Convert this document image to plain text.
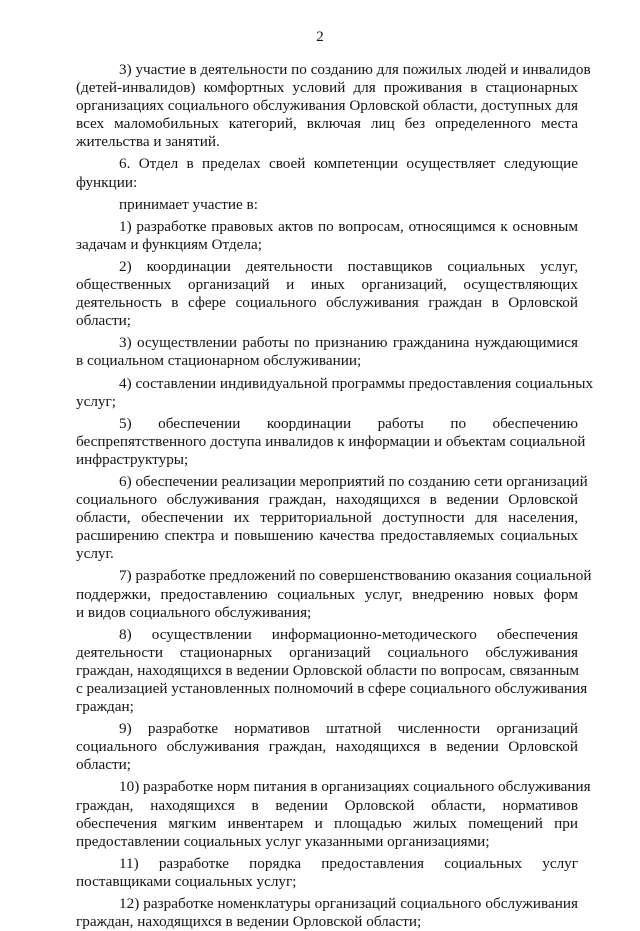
2
3) участие в деятельности по созданию для пожилых людей и инвалидов
(детей-инвалидов) комфортных условий для проживания в стационарных
организациях социального обслуживания Орловской области, доступных для
всех маломобильных категорий, включая лиц без определенного места
жительства и занятий.
6. Отдел в пределах своей компетенции осуществляет следующие
функции:
принимает участие в:
1) разработке правовых актов по вопросам, относящимся к основным
задачам и функциям Отдела;
2) координации деятельности поставщиков социальных услуг,
общественных организаций и иных организаций, осуществляющих
деятельность в сфере социального обслуживания граждан в Орловской
области;
3) осуществлении работы по признанию гражданина нуждающимися
в социальном стационарном обслуживании;
4) составлении индивидуальной программы предоставления социальных
услуг;
5) обеспечении координации работы по обеспечению
беспрепятственного доступа инвалидов к информации и объектам социальной
инфраструктуры;
6) обеспечении реализации мероприятий по созданию сети организаций
социального обслуживания граждан, находящихся в ведении Орловской
области, обеспечении их территориальной доступности для населения,
расширению спектра и повышению качества предоставляемых социальных
услуг.
7) разработке предложений по совершенствованию оказания социальной
поддержки, предоставлению социальных услуг, внедрению новых форм
и видов социального обслуживания;
8) осуществлении информационно-методического обеспечения
деятельности стационарных организаций социального обслуживания
граждан, находящихся в ведении Орловской области по вопросам, связанным
с реализацией установленных полномочий в сфере социального обслуживания
граждан;
9) разработке нормативов штатной численности организаций
социального обслуживания граждан, находящихся в ведении Орловской
области;
10) разработке норм питания в организациях социального обслуживания
граждан, находящихся в ведении Орловской области, нормативов
обеспечения мягким инвентарем и площадью жилых помещений при
предоставлении социальных услуг указанными организациями;
11) разработке порядка предоставления социальных услуг
поставщиками социальных услуг;
12) разработке номенклатуры организаций социального обслуживания
граждан, находящихся в ведении Орловской области;
